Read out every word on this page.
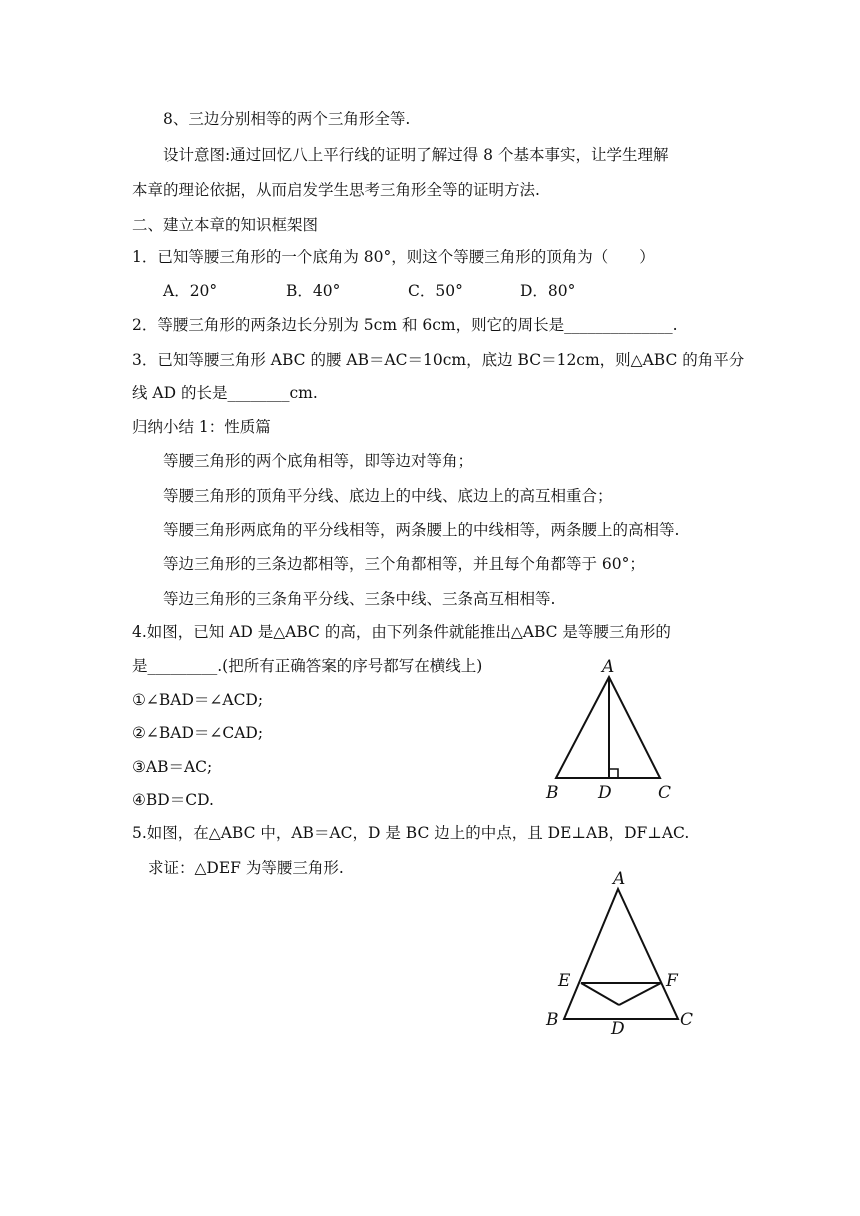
8、三边分别相等的两个三角形全等.
设计意图:通过回忆八上平行线的证明了解过得 8 个基本事实，让学生理解
本章的理论依据，从而启发学生思考三角形全等的证明方法.
二、建立本章的知识框架图
1．已知等腰三角形的一个底角为 80°，则这个等腰三角形的顶角为（　　）
A．20°	B．40°	C．50°	D．80°
2．等腰三角形的两条边长分别为 5cm 和 6cm，则它的周长是______________.
3．已知等腰三角形 ABC 的腰 AB＝AC＝10cm，底边 BC＝12cm，则△ABC 的角平分
线 AD 的长是________cm.
归纳小结 1：性质篇
等腰三角形的两个底角相等，即等边对等角；
等腰三角形的顶角平分线、底边上的中线、底边上的高互相重合；
等腰三角形两底角的平分线相等，两条腰上的中线相等，两条腰上的高相等.
等边三角形的三条边都相等，三个角都相等，并且每个角都等于 60°；
等边三角形的三条角平分线、三条中线、三条高互相相等.
4.如图，已知 AD 是△ABC 的高，由下列条件就能推出△ABC 是等腰三角形的
是_________.(把所有正确答案的序号都写在横线上)
①∠BAD＝∠ACD;
②∠BAD＝∠CAD;
③AB＝AC;
④BD＝CD.
5.如图，在△ABC 中，AB＝AC，D 是 BC 边上的中点，且 DE⊥AB，DF⊥AC.
求证：△DEF 为等腰三角形.
A
B D	C
A
E	F
B	D	C
